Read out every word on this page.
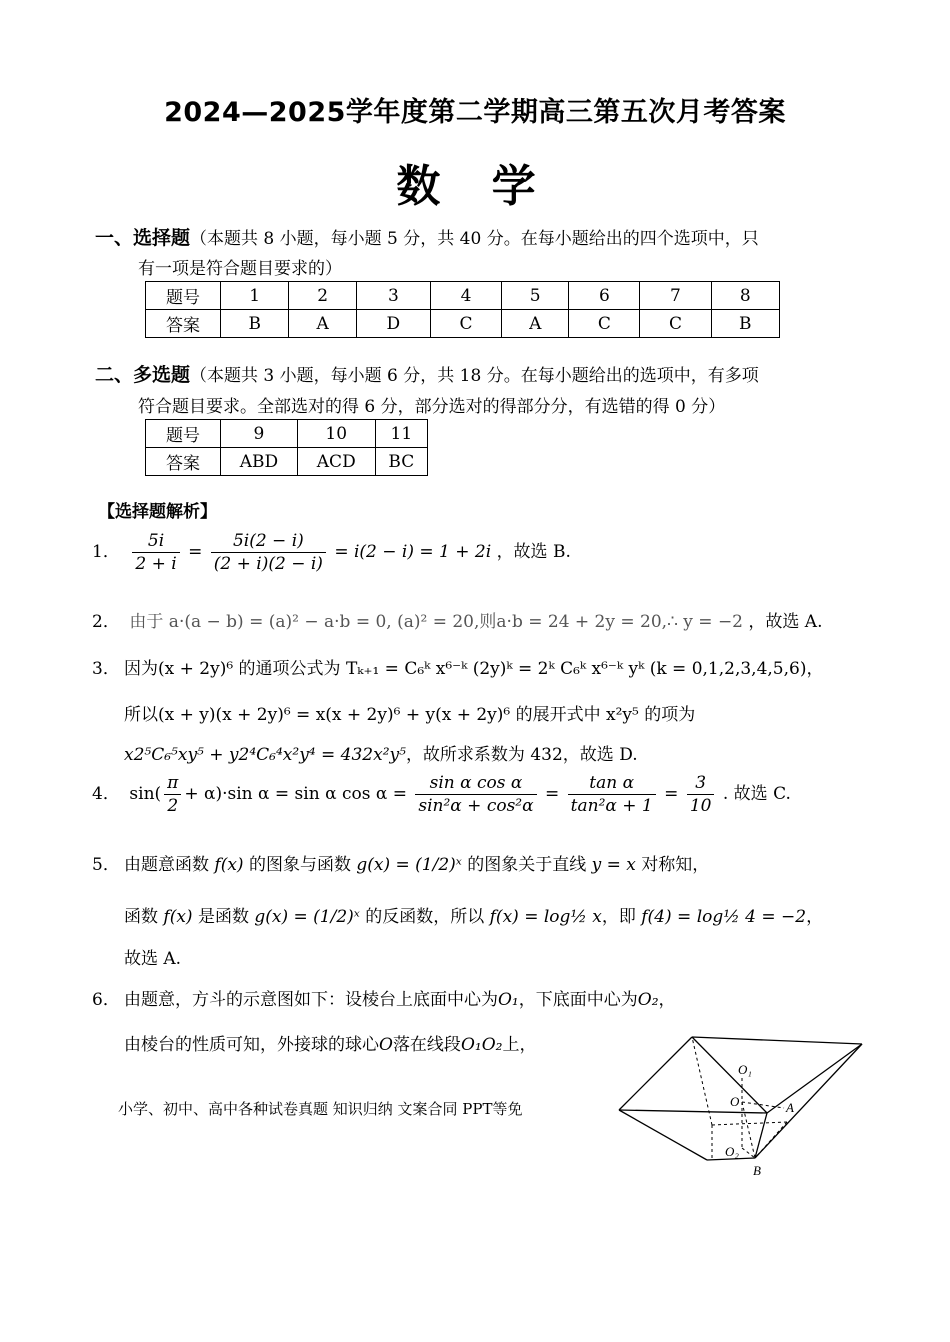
2024—2025学年度第二学期高三第五次月考答案
数 学
一、选择题（本题共 8 小题，每小题 5 分，共 40 分。在每小题给出的四个选项中，只
有一项是符合题目要求的）
题号	1	2	3	4	5	6	7	8
答案	B	A	D	C	A	C	C	B
二、多选题（本题共 3 小题，每小题 6 分，共 18 分。在每小题给出的选项中，有多项
符合题目要求。全部选对的得 6 分，部分选对的得部分分，有选错的得 0 分）
题号	9	10	11
答案	ABD	ACD	BC
【选择题解析】
1． $\frac{5i}{2 + i} = \frac{5i(2 - i)}{(2 + i)(2 - i)} = i(2 - i) = 1 + 2i$ ，故选 B.
2． 由于 a·(a − b) = (a)² − a·b = 0, (a)² = 20,则a·b = 24 + 2y = 20,∴ y = −2 ，故选 A.
3． 因为(x + 2y)⁶ 的通项公式为 Tₖ₊₁ = C₆ᵏ x⁶⁻ᵏ (2y)ᵏ = 2ᵏ C₆ᵏ x⁶⁻ᵏ yᵏ (k = 0,1,2,3,4,5,6)，
所以(x + y)(x + 2y)⁶ = x(x + 2y)⁶ + y(x + 2y)⁶ 的展开式中 x²y⁵ 的项为
x2⁵C₆⁵xy⁵ + y2⁴C₆⁴x²y⁴ = 432x²y⁵，故所求系数为 432，故选 D.
4． $\sin( \frac{\pi}{2} + \alpha)\cdot\sin$ α = sin α $\cos \alpha = \frac{\text{sin α cos α}}{\text{sin²α + cos²α}} = \frac{\text{tan α}}{\text{tan²α + 1}} = \frac{3}{10}$ . 故选 C.
5． 由题意函数 f(x) 的图象与函数 g(x) = (1/2)ˣ 的图象关于直线 y = x 对称知，
函数 f(x) 是函数 g(x) = (1/2)ˣ 的反函数，所以 f(x) = log½ x，即 f(4) = log½ 4 = −2，
故选 A.
6． 由题意，方斗的示意图如下：设棱台上底面中心为O₁，下底面中心为O₂，
由棱台的性质可知，外接球的球心O落在线段O₁O₂上，
小学、初中、高中各种试卷真题 知识归纳 文案合同 PPT等免
O₁
O	A
O₂
B
